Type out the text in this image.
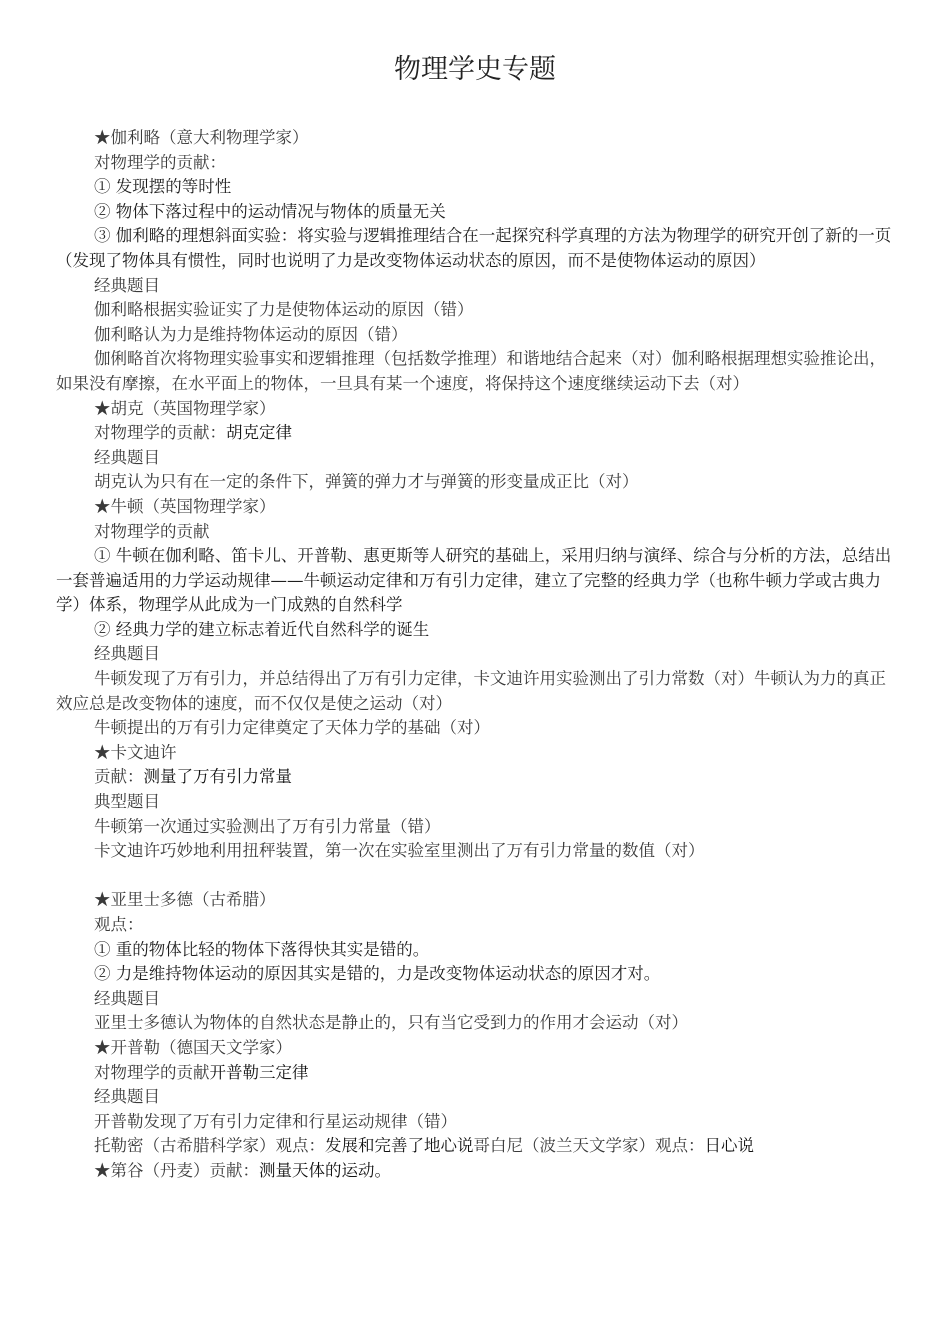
物理学史专题

★伽利略（意大利物理学家）

对物理学的贡献：

① 发现摆的等时性

② 物体下落过程中的运动情况与物体的质量无关

③ 伽利略的理想斜面实验：将实验与逻辑推理结合在一起探究科学真理的方法为物理学的研究开创了新的一页（发现了物体具有惯性，同时也说明了力是改变物体运动状态的原因，而不是使物体运动的原因）

经典题目

伽利略根据实验证实了力是使物体运动的原因（错）

伽利略认为力是维持物体运动的原因（错）

伽俐略首次将物理实验事实和逻辑推理（包括数学推理）和谐地结合起来（对）伽利略根据理想实验推论出，如果没有摩擦，在水平面上的物体，一旦具有某一个速度，将保持这个速度继续运动下去（对）

★胡克（英国物理学家）

对物理学的贡献：胡克定律

经典题目

胡克认为只有在一定的条件下，弹簧的弹力才与弹簧的形变量成正比（对）

★牛顿（英国物理学家）

对物理学的贡献

① 牛顿在伽利略、笛卡儿、开普勒、惠更斯等人研究的基础上，采用归纳与演绎、综合与分析的方法，总结出一套普遍适用的力学运动规律——牛顿运动定律和万有引力定律，建立了完整的经典力学（也称牛顿力学或古典力学）体系，物理学从此成为一门成熟的自然科学

② 经典力学的建立标志着近代自然科学的诞生

经典题目

牛顿发现了万有引力，并总结得出了万有引力定律，卡文迪许用实验测出了引力常数（对）牛顿认为力的真正效应总是改变物体的速度，而不仅仅是使之运动（对）

牛顿提出的万有引力定律奠定了天体力学的基础（对）

★卡文迪许

贡献：测量了万有引力常量

典型题目

牛顿第一次通过实验测出了万有引力常量（错）

卡文迪许巧妙地利用扭秤装置，第一次在实验室里测出了万有引力常量的数值（对）

★亚里士多德（古希腊）

观点：

① 重的物体比轻的物体下落得快其实是错的。

② 力是维持物体运动的原因其实是错的，力是改变物体运动状态的原因才对。

经典题目

亚里士多德认为物体的自然状态是静止的，只有当它受到力的作用才会运动（对）

★开普勒（德国天文学家）

对物理学的贡献开普勒三定律

经典题目

开普勒发现了万有引力定律和行星运动规律（错）

托勒密（古希腊科学家）观点：发展和完善了地心说哥白尼（波兰天文学家）观点：日心说

★第谷（丹麦）贡献：测量天体的运动。
